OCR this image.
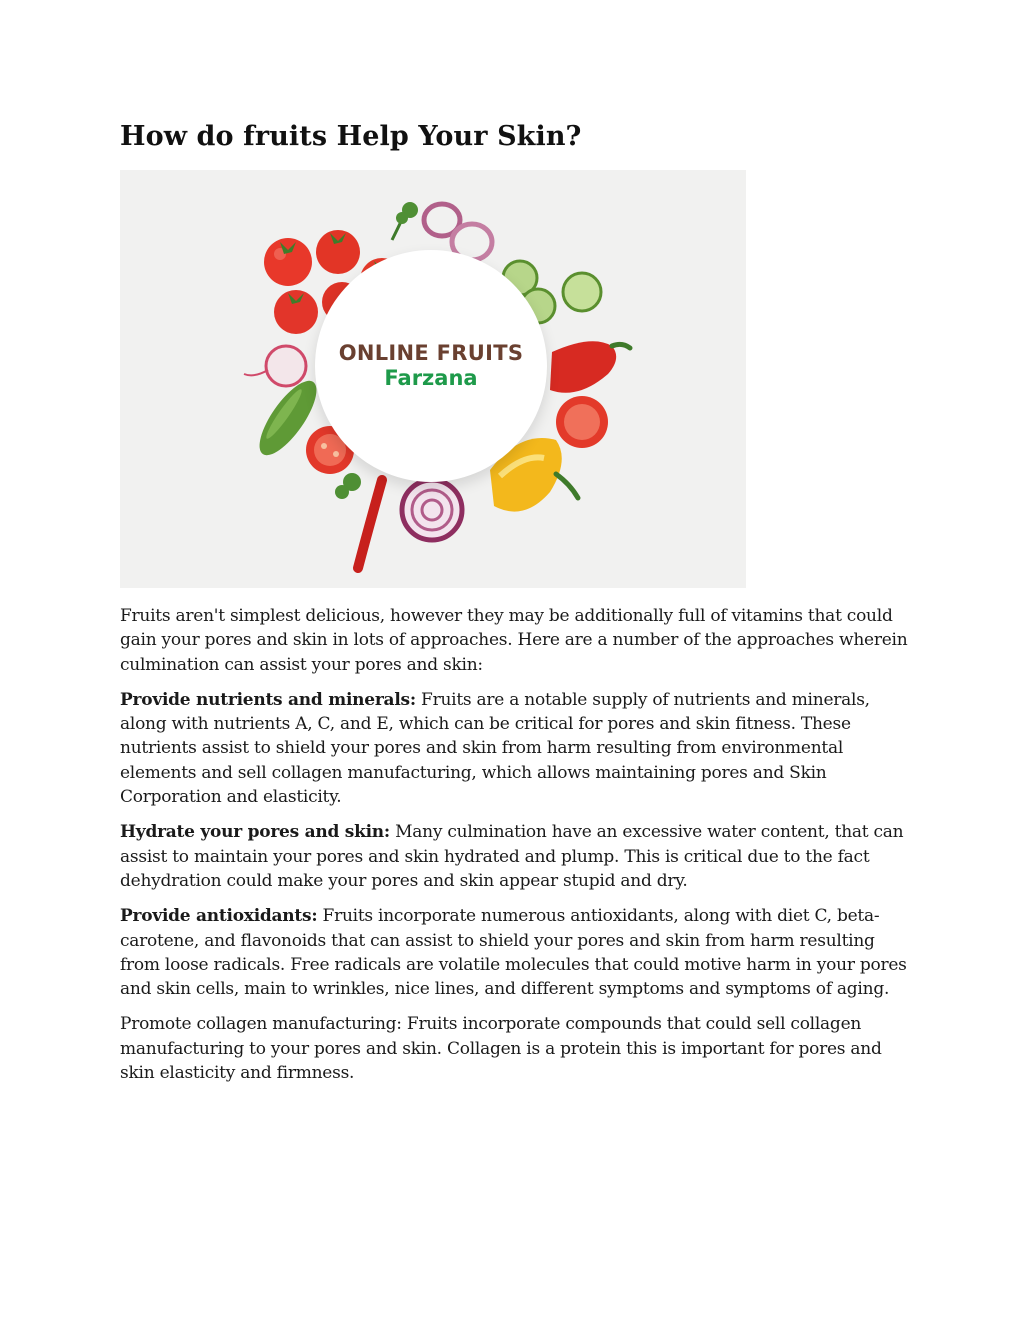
How do fruits Help Your Skin?
ONLINE FRUITS
Farzana

Fruits aren't simplest delicious, however they may be additionally full of vitamins that could gain your pores and skin in lots of approaches. Here are a number of the approaches wherein culmination can assist your pores and skin:

Provide nutrients and minerals: Fruits are a notable supply of nutrients and minerals, along with nutrients A, C, and E, which can be critical for pores and skin fitness. These nutrients assist to shield your pores and skin from harm resulting from environmental elements and sell collagen manufacturing, which allows maintaining pores and Skin Corporation and elasticity.

Hydrate your pores and skin: Many culmination have an excessive water content, that can assist to maintain your pores and skin hydrated and plump. This is critical due to the fact dehydration could make your pores and skin appear stupid and dry.

Provide antioxidants: Fruits incorporate numerous antioxidants, along with diet C, beta-carotene, and flavonoids that can assist to shield your pores and skin from harm resulting from loose radicals. Free radicals are volatile molecules that could motive harm in your pores and skin cells, main to wrinkles, nice lines, and different symptoms and symptoms of aging.

Promote collagen manufacturing: Fruits incorporate compounds that could sell collagen manufacturing to your pores and skin. Collagen is a protein this is important for pores and skin elasticity and firmness.
